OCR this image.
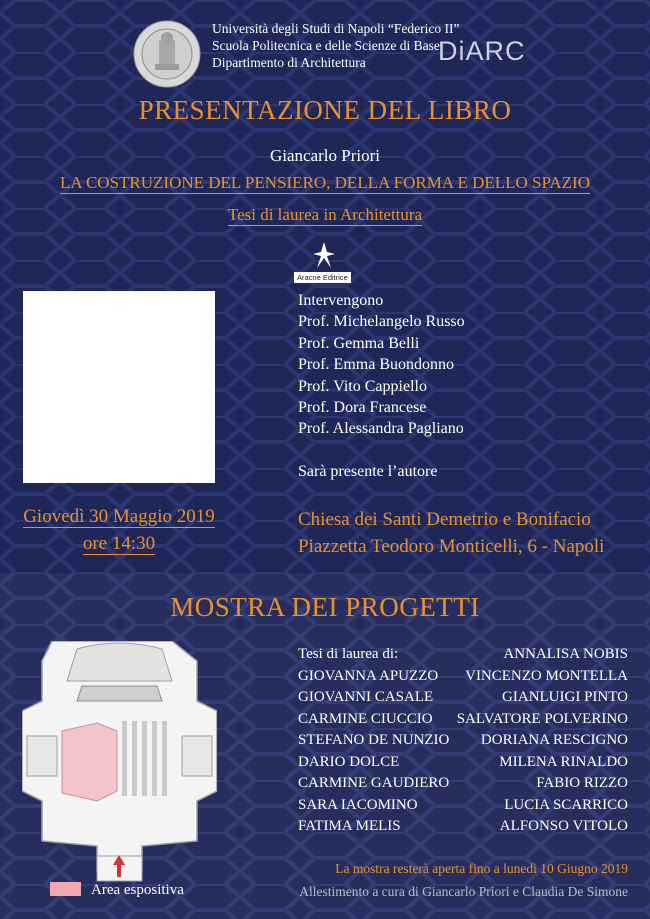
Università degli Studi di Napoli “Federico II”
Scuola Politecnica e delle Scienze di Base
Dipartimento di Architettura	DiARC
PRESENTAZIONE DEL LIBRO
Giancarlo Priori
LA COSTRUZIONE DEL PENSIERO, DELLA FORMA E DELLO SPAZIO
Tesi di laurea in Architettura
Aracne Editrice
Intervengono
Prof. Michelangelo Russo
Prof. Gemma Belli
Prof. Emma Buondonno
Prof. Vito Cappiello
Prof. Dora Francese
Prof. Alessandra Pagliano
Sarà presente l’autore
Giovedì 30 Maggio 2019
ore 14:30
Chiesa dei Santi Demetrio e Bonifacio
Piazzetta Teodoro Monticelli, 6 - Napoli
MOSTRA DEI PROGETTI
Area espositiva
Tesi di laurea di:
GIOVANNA APUZZO
GIOVANNI CASALE
CARMINE CIUCCIO
STEFANO DE NUNZIO
DARIO DOLCE
CARMINE GAUDIERO
SARA IACOMINO
FATIMA MELIS
ANNALISA NOBIS
VINCENZO MONTELLA
GIANLUIGI PINTO
SALVATORE POLVERINO
DORIANA RESCIGNO
MILENA RINALDO
FABIO RIZZO
LUCIA SCARRICO
ALFONSO VITOLO
La mostra resterà aperta fino a lunedì 10 Giugno 2019
Allestimento a cura di Giancarlo Priori e Claudia De Simone
